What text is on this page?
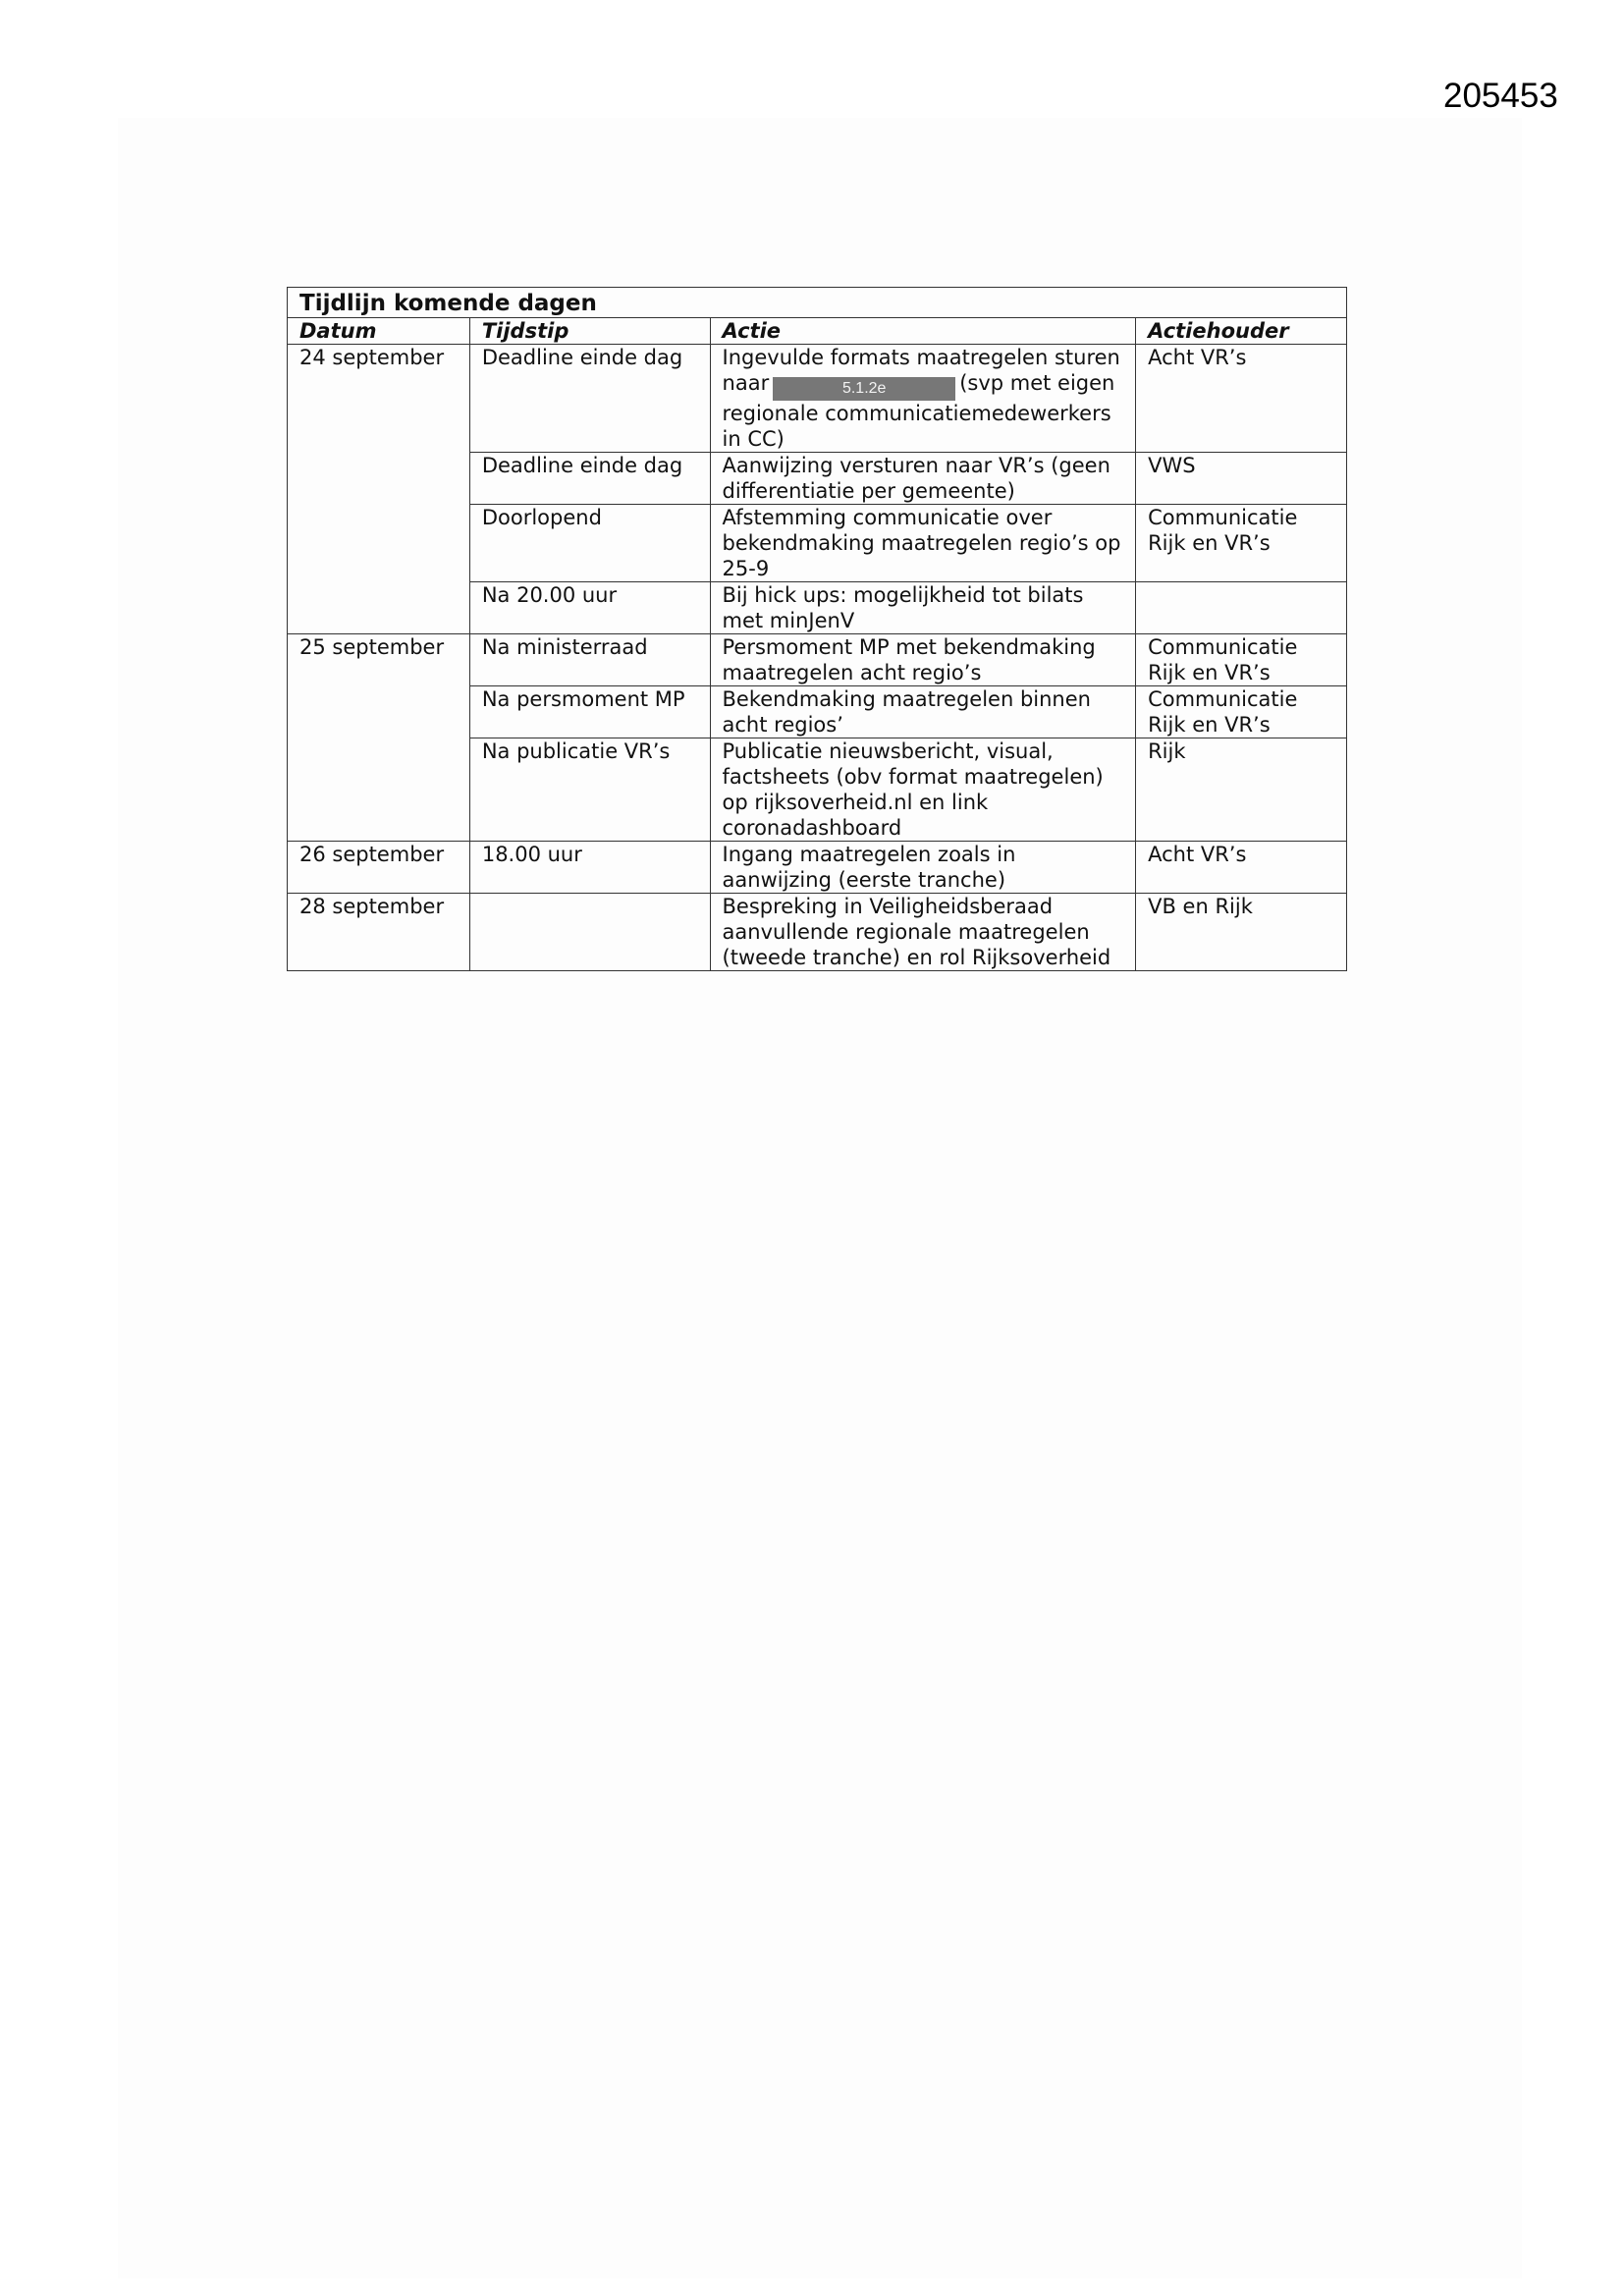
205453
Tijdlijn komende dagen			
Datum	Tijdstip	Actie	Actiehouder
24 september	Deadline einde dag	Ingevulde formats maatregelen sturen naar 5.1.2e (svp met eigen regionale communicatiemedewerkers in CC)	Acht VR’s
	Deadline einde dag	Aanwijzing versturen naar VR’s (geen differentiatie per gemeente)	VWS
	Doorlopend	Afstemming communicatie over bekendmaking maatregelen regio’s op 25-9	Communicatie Rijk en VR’s
	Na 20.00 uur	Bij hick ups: mogelijkheid tot bilats met minJenV	
25 september	Na ministerraad	Persmoment MP met bekendmaking maatregelen acht regio’s	Communicatie Rijk en VR’s
	Na persmoment MP	Bekendmaking maatregelen binnen acht regios’	Communicatie Rijk en VR’s
	Na publicatie VR’s	Publicatie nieuwsbericht, visual, factsheets (obv format maatregelen) op rijksoverheid.nl en link coronadashboard	Rijk
26 september	18.00 uur	Ingang maatregelen zoals in aanwijzing (eerste tranche)	Acht VR’s
28 september		Bespreking in Veiligheidsberaad aanvullende regionale maatregelen (tweede tranche) en rol Rijksoverheid	VB en Rijk
